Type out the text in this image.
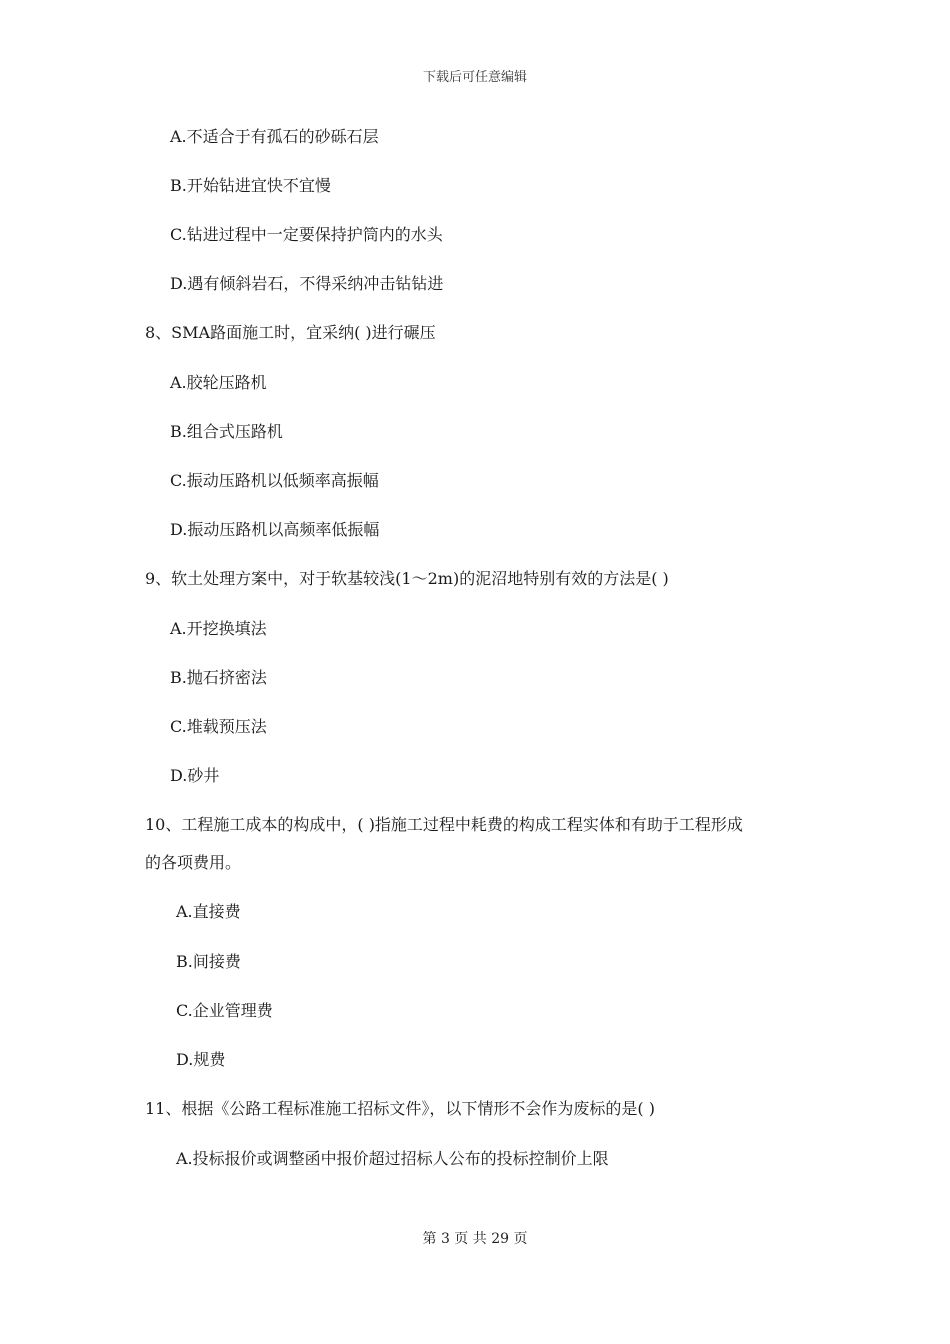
下载后可任意编辑
A.不适合于有孤石的砂砾石层
B.开始钻进宜快不宜慢
C.钻进过程中一定要保持护筒内的水头
D.遇有倾斜岩石，不得采纳冲击钻钻进
8、SMA路面施工时，宜采纳( )进行碾压
A.胶轮压路机
B.组合式压路机
C.振动压路机以低频率高振幅
D.振动压路机以高频率低振幅
9、软土处理方案中，对于软基较浅(1～2m)的泥沼地特别有效的方法是( )
A.开挖换填法
B.抛石挤密法
C.堆载预压法
D.砂井
10、工程施工成本的构成中，( )指施工过程中耗费的构成工程实体和有助于工程形成
的各项费用。
A.直接费
B.间接费
C.企业管理费
D.规费
11、根据《公路工程标准施工招标文件》，以下情形不会作为废标的是( )
A.投标报价或调整函中报价超过招标人公布的投标控制价上限
第 3 页 共 29 页
